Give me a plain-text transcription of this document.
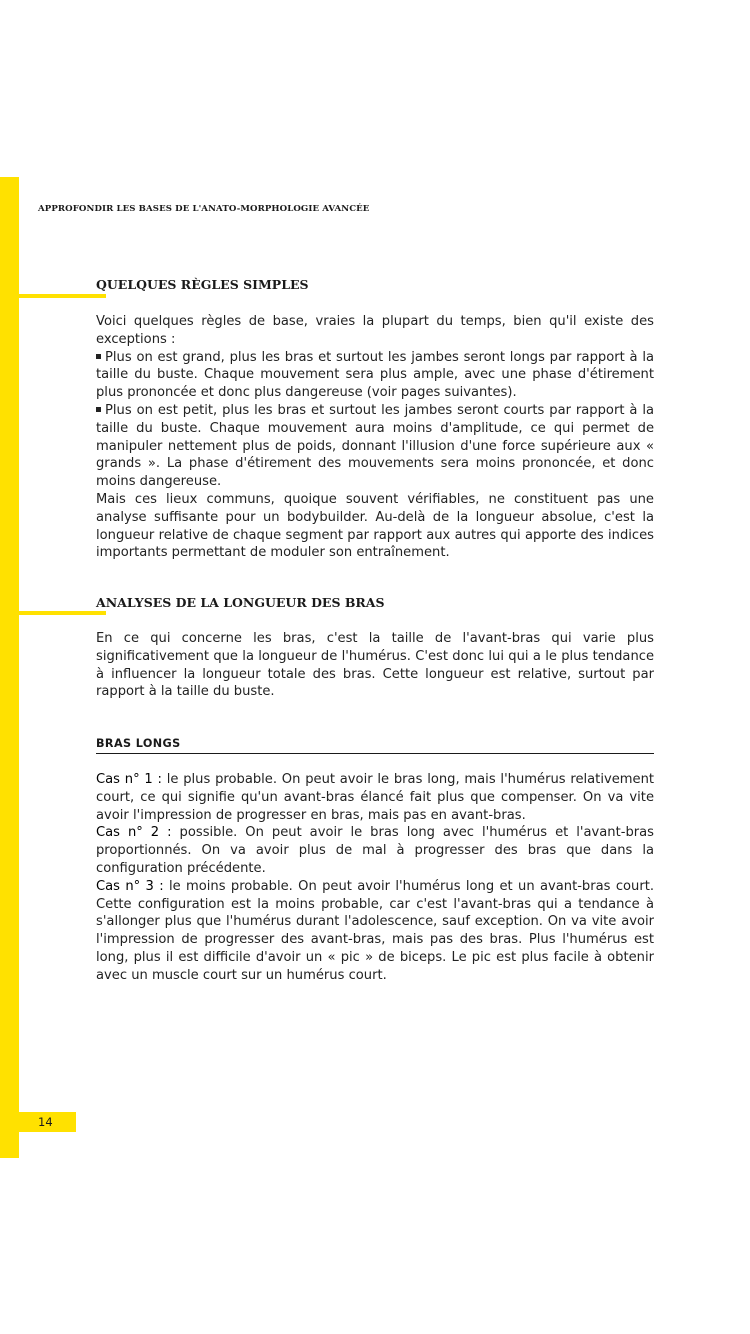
APPROFONDIR LES BASES DE L'ANATO-MORPHOLOGIE AVANCÉE
QUELQUES RÈGLES SIMPLES

Voici quelques règles de base, vraies la plupart du temps, bien qu'il existe des exceptions :

Plus on est grand, plus les bras et surtout les jambes seront longs par rapport à la taille du buste. Chaque mouvement sera plus ample, avec une phase d'étirement plus prononcée et donc plus dangereuse (voir pages suivantes).

Plus on est petit, plus les bras et surtout les jambes seront courts par rapport à la taille du buste. Chaque mouvement aura moins d'amplitude, ce qui permet de manipuler nettement plus de poids, donnant l'illusion d'une force supérieure aux « grands ». La phase d'étirement des mouvements sera moins prononcée, et donc moins dangereuse.

Mais ces lieux communs, quoique souvent vérifiables, ne constituent pas une analyse suffisante pour un bodybuilder. Au-delà de la longueur absolue, c'est la longueur relative de chaque segment par rapport aux autres qui apporte des indices importants permettant de moduler son entraînement.

ANALYSES DE LA LONGUEUR DES BRAS

En ce qui concerne les bras, c'est la taille de l'avant-bras qui varie plus significativement que la longueur de l'humérus. C'est donc lui qui a le plus tendance à influencer la longueur totale des bras. Cette longueur est relative, surtout par rapport à la taille du buste.

BRAS LONGS

Cas n° 1 : le plus probable. On peut avoir le bras long, mais l'humérus relativement court, ce qui signifie qu'un avant-bras élancé fait plus que compenser. On va vite avoir l'impression de progresser en bras, mais pas en avant-bras.

Cas n° 2 : possible. On peut avoir le bras long avec l'humérus et l'avant-bras proportionnés. On va avoir plus de mal à progresser des bras que dans la configuration précédente.

Cas n° 3 : le moins probable. On peut avoir l'humérus long et un avant-bras court. Cette configuration est la moins probable, car c'est l'avant-bras qui a tendance à s'allonger plus que l'humérus durant l'adolescence, sauf exception. On va vite avoir l'impression de progresser des avant-bras, mais pas des bras. Plus l'humérus est long, plus il est difficile d'avoir un « pic » de biceps. Le pic est plus facile à obtenir avec un muscle court sur un humérus court.

14
